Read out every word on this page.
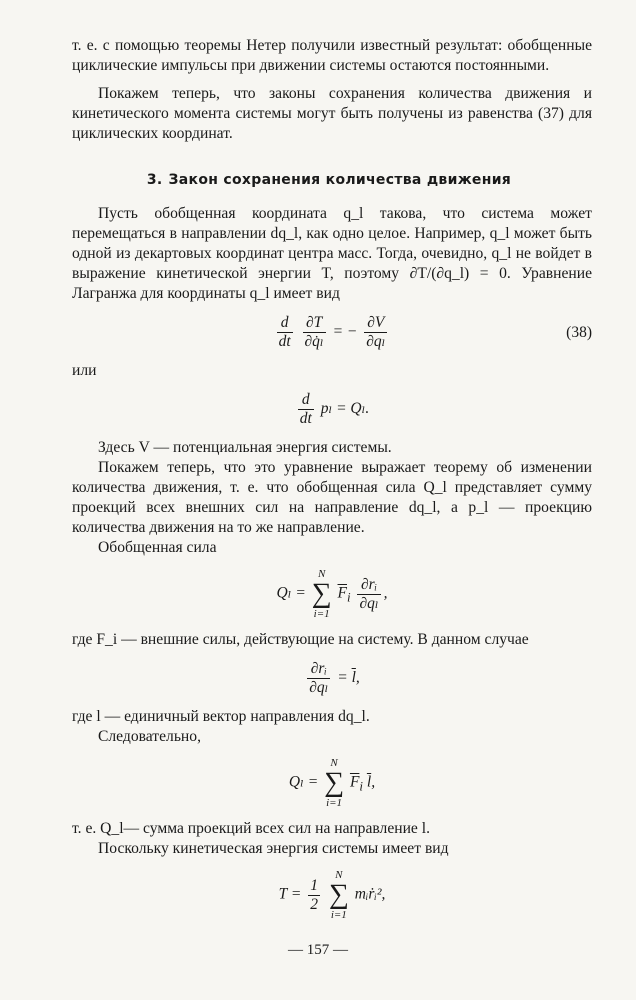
т. е. с помощью теоремы Нетер получили известный результат: обобщенные циклические импульсы при движении системы остаются постоянными.

Покажем теперь, что законы сохранения количества движения и кинетического момента системы могут быть получены из равенства (37) для циклических координат.

3. Закон сохранения количества движения

Пусть обобщенная координата q_l такова, что система может перемещаться в направлении dq_l, как одно целое. Например, q_l может быть одной из декартовых координат центра масс. Тогда, очевидно, q_l не войдет в выражение кинетической энергии T, поэтому ∂T/(∂q_l) = 0. Уравнение Лагранжа для координаты q_l имеет вид

$\frac{d}{dt}$
$\frac{\partial T}{\text{∂q̇ₗ}}$ = − $\frac{\partial V}{\text{∂qₗ}}$	(38)

или

$\frac{d}{dt}$ pₗ = Qₗ.

Здесь V — потенциальная энергия системы.

Покажем теперь, что это уравнение выражает теорему об изменении количества движения, т. е. что обобщенная сила Q_l представляет сумму проекций всех внешних сил на направление dq_l, а p_l — проекцию количества движения на то же направление.

Обобщенная сила

Qₗ =
N
∑
i=1
$\overline{F}_i \frac{\text{∂rᵢ}}{\text{∂qₗ}}$ ,

где F_i — внешние силы, действующие на систему. В данном случае

$\frac{\text{∂rᵢ}}{\text{∂qₗ}} = \overline{l}$,

где l — единичный вектор направления dq_l.

Следовательно,

Qₗ =
N
∑
i=1
$\overline{F}_i$ $\overline{l}$,

т. е. Q_l— сумма проекций всех сил на направление l.

Поскольку кинетическая энергия системы имеет вид

$T = \frac{1}{2}$

N
∑
i=1
mᵢṙᵢ²,
— 157 —
